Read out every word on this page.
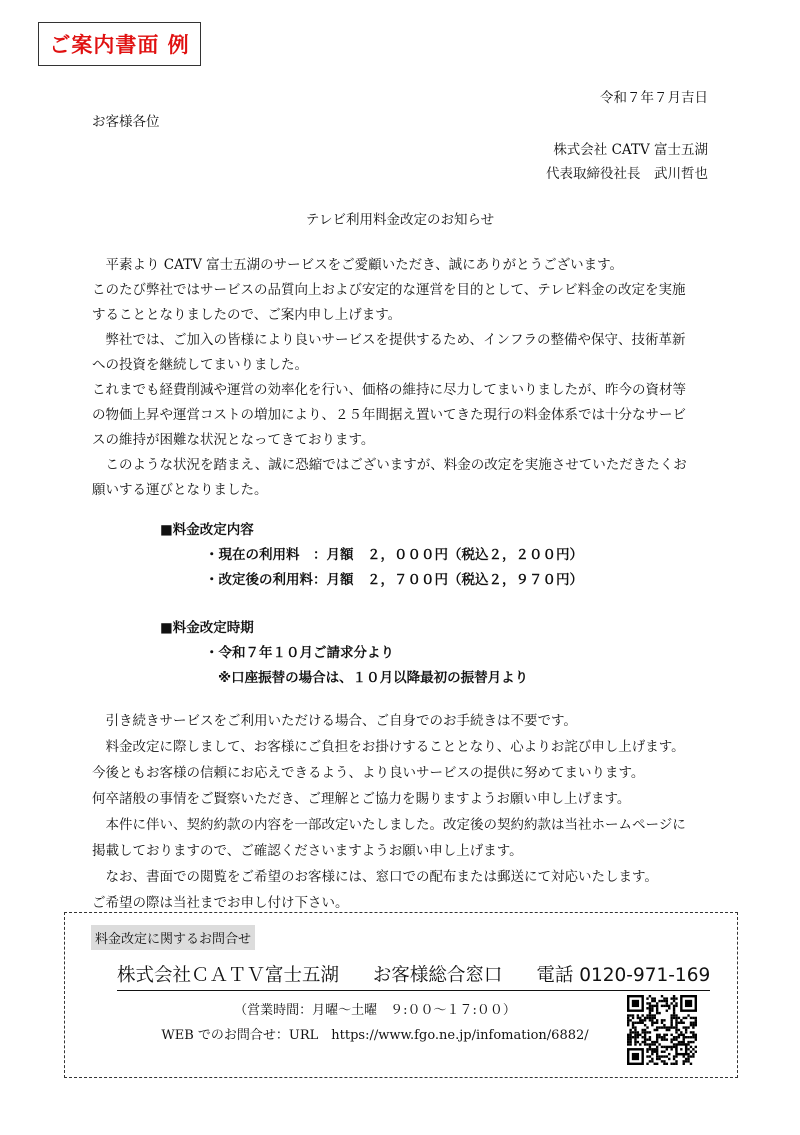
ご案内書面 例
令和７年７月吉日
お客様各位
株式会社 CATV 富士五湖
代表取締役社長　武川哲也
テレビ利用料金改定のお知らせ

　平素より CATV 富士五湖のサービスをご愛顧いただき、誠にありがとうございます。

このたび弊社ではサービスの品質向上および安定的な運営を目的として、テレビ料金の改定を実施

することとなりましたので、ご案内申し上げます。

　弊社では、ご加入の皆様により良いサービスを提供するため、インフラの整備や保守、技術革新

への投資を継続してまいりました。

これまでも経費削減や運営の効率化を行い、価格の維持に尽力してまいりましたが、昨今の資材等

の物価上昇や運営コストの増加により、２５年間据え置いてきた現行の料金体系では十分なサービ

スの維持が困難な状況となってきております。

　このような状況を踏まえ、誠に恐縮ではございますが、料金の改定を実施させていただきたくお

願いする運びとなりました。

■料金改定内容
・現在の利用料　：月額　２，０００円（税込２，２００円）
・改定後の利用料：月額　２，７００円（税込２，９７０円）
■料金改定時期
・令和７年１０月ご請求分より
※口座振替の場合は、１０月以降最初の振替月より

　引き続きサービスをご利用いただける場合、ご自身でのお手続きは不要です。

　料金改定に際しまして、お客様にご負担をお掛けすることとなり、心よりお詫び申し上げます。

今後ともお客様の信頼にお応えできるよう、より良いサービスの提供に努めてまいります。

何卒諸般の事情をご賢察いただき、ご理解とご協力を賜りますようお願い申し上げます。

　本件に伴い、契約約款の内容を一部改定いたしました。改定後の契約約款は当社ホームページに

掲載しておりますので、ご確認くださいますようお願い申し上げます。

　なお、書面での閲覧をご希望のお客様には、窓口での配布または郵送にて対応いたします。

ご希望の際は当社までお申し付け下さい。

料金改定に関するお問合せ
株式会社ＣＡＴＶ富士五湖 お客様総合窓口 電話 0120-971-169
（営業時間：月曜～土曜　９:００～１７:００）
WEB でのお問合せ：URL　https://www.fgo.ne.jp/infomation/6882/
